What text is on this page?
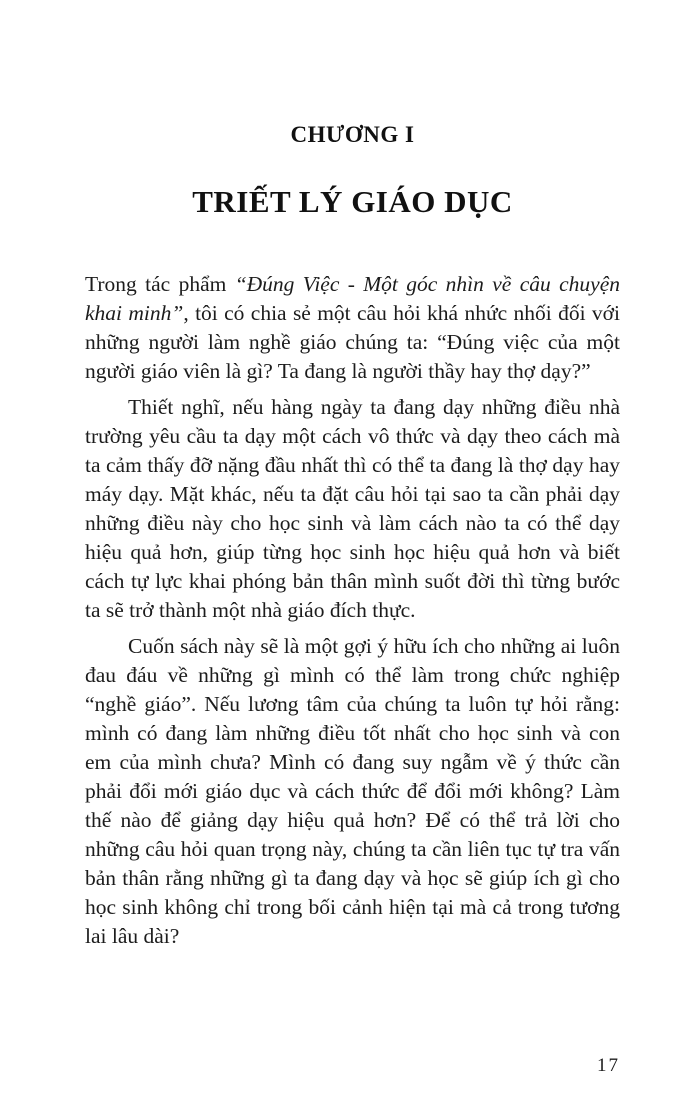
CHƯƠNG I
TRIẾT LÝ GIÁO DỤC

Trong tác phẩm “Đúng Việc - Một góc nhìn về câu chuyện khai minh”, tôi có chia sẻ một câu hỏi khá nhức nhối đối với những người làm nghề giáo chúng ta: “Đúng việc của một người giáo viên là gì? Ta đang là người thầy hay thợ dạy?”

Thiết nghĩ, nếu hàng ngày ta đang dạy những điều nhà trường yêu cầu ta dạy một cách vô thức và dạy theo cách mà ta cảm thấy đỡ nặng đầu nhất thì có thể ta đang là thợ dạy hay máy dạy. Mặt khác, nếu ta đặt câu hỏi tại sao ta cần phải dạy những điều này cho học sinh và làm cách nào ta có thể dạy hiệu quả hơn, giúp từng học sinh học hiệu quả hơn và biết cách tự lực khai phóng bản thân mình suốt đời thì từng bước ta sẽ trở thành một nhà giáo đích thực.

Cuốn sách này sẽ là một gợi ý hữu ích cho những ai luôn đau đáu về những gì mình có thể làm trong chức nghiệp “nghề giáo”. Nếu lương tâm của chúng ta luôn tự hỏi rằng: mình có đang làm những điều tốt nhất cho học sinh và con em của mình chưa? Mình có đang suy ngẫm về ý thức cần phải đổi mới giáo dục và cách thức để đổi mới không? Làm thế nào để giảng dạy hiệu quả hơn? Để có thể trả lời cho những câu hỏi quan trọng này, chúng ta cần liên tục tự tra vấn bản thân rằng những gì ta đang dạy và học sẽ giúp ích gì cho học sinh không chỉ trong bối cảnh hiện tại mà cả trong tương lai lâu dài?

17
